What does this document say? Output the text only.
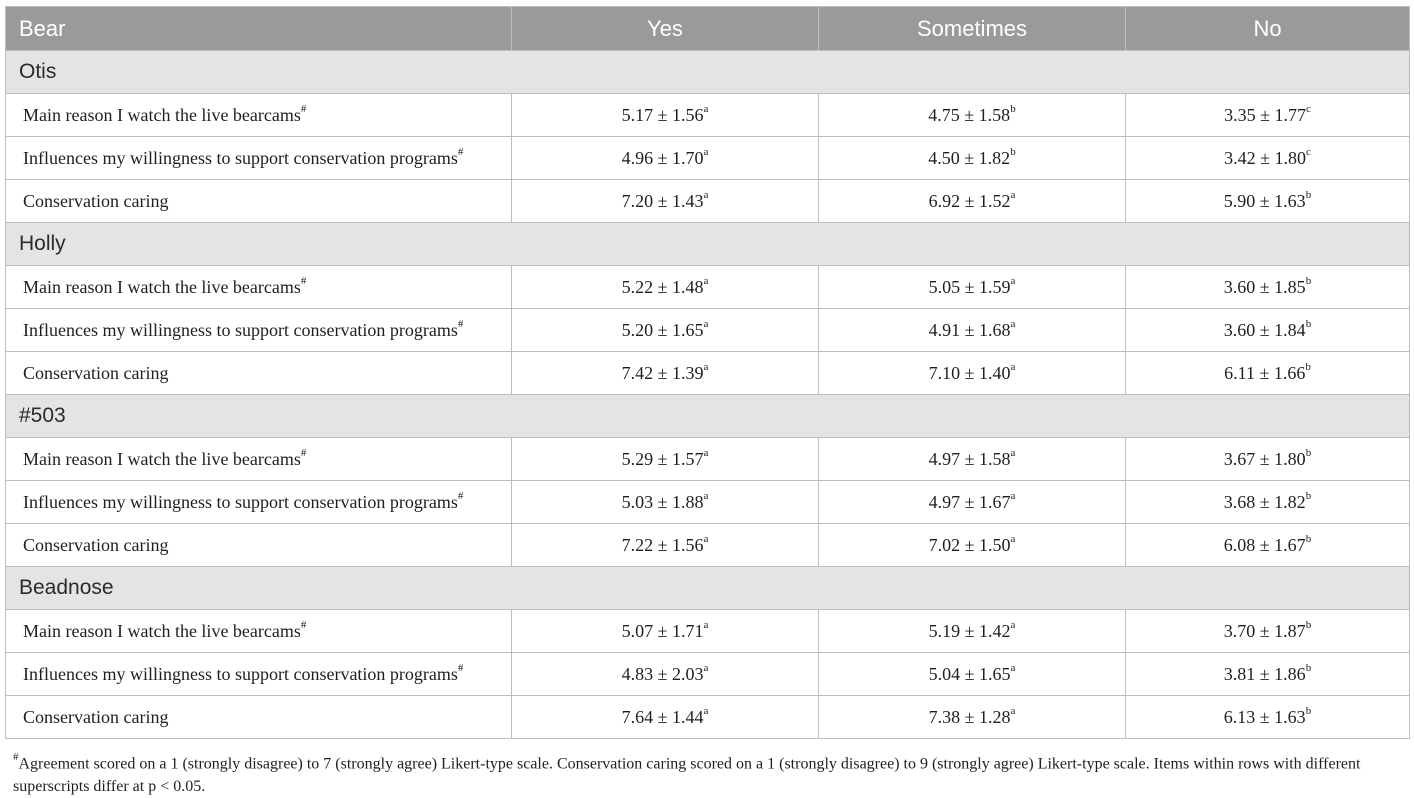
Bear	Yes	Sometimes	No
Otis			
Main reason I watch the live bearcams#	5.17 ± 1.56$^a$	4.75 ± 1.58$^b$	3.35 ± 1.77$^c$
Influences my willingness to support conservation programs#	4.96 ± 1.70$^a$	4.50 ± 1.82$^b$	3.42 ± 1.80$^c$
Conservation caring	7.20 ± 1.43$^a$	6.92 ± 1.52$^a$	5.90 ± 1.63$^b$
Holly			
Main reason I watch the live bearcams#	5.22 ± 1.48$^a$	5.05 ± 1.59$^a$	3.60 ± 1.85$^b$
Influences my willingness to support conservation programs#	5.20 ± 1.65$^a$	4.91 ± 1.68$^a$	3.60 ± 1.84$^b$
Conservation caring	7.42 ± 1.39$^a$	7.10 ± 1.40$^a$	6.11 ± 1.66$^b$
#503			
Main reason I watch the live bearcams#	5.29 ± 1.57$^a$	4.97 ± 1.58$^a$	3.67 ± 1.80$^b$
Influences my willingness to support conservation programs#	5.03 ± 1.88$^a$	4.97 ± 1.67$^a$	3.68 ± 1.82$^b$
Conservation caring	7.22 ± 1.56$^a$	7.02 ± 1.50$^a$	6.08 ± 1.67$^b$
Beadnose			
Main reason I watch the live bearcams#	5.07 ± 1.71$^a$	5.19 ± 1.42$^a$	3.70 ± 1.87$^b$
Influences my willingness to support conservation programs#	4.83 ± 2.03$^a$	5.04 ± 1.65$^a$	3.81 ± 1.86$^b$
Conservation caring	7.64 ± 1.44$^a$	7.38 ± 1.28$^a$	6.13 ± 1.63$^b$
#Agreement scored on a 1 (strongly disagree) to 7 (strongly agree) Likert-type scale. Conservation caring scored on a 1 (strongly disagree) to 9 (strongly agree) Likert-type scale. Items within rows with different superscripts differ at p < 0.05.
